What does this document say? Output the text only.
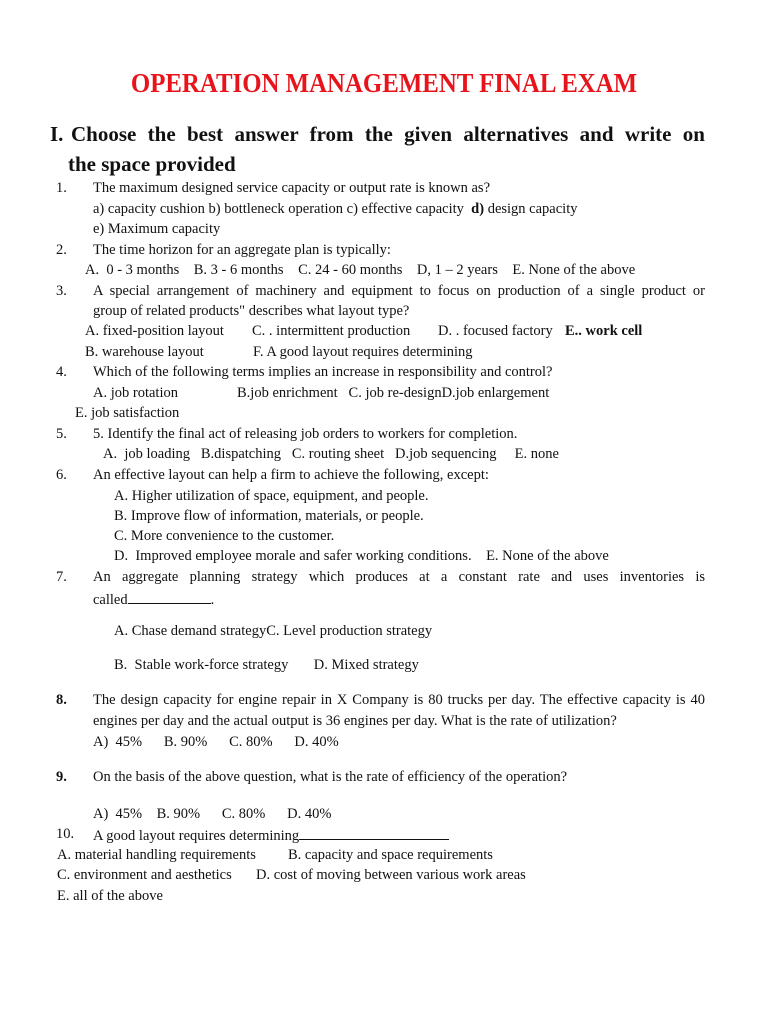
OPERATION MANAGEMENT FINAL EXAM
I. Choose the best answer from the given alternatives and write on
the space provided
1. The maximum designed service capacity or output rate is known as?
a) capacity cushion b) bottleneck operation c) effective capacity d) design capacity
e) Maximum capacity
2. The time horizon for an aggregate plan is typically:
A.  0 - 3 months    B. 3 - 6 months    C. 24 - 60 months    D, 1 – 2 years    E. None of the above
3. A special arrangement of machinery and equipment to focus on production of a single product or
group of related products" describes what layout type?
A. fixed-position layout C. . intermittent production D. . focused factory E.. work cell
B. warehouse layout	F. A good layout requires determining
4. Which of the following terms implies an increase in responsibility and control?
A. job rotation	B.job enrichment   C. job re-designD.job enlargement
E. job satisfaction
5. 5. Identify the final act of releasing job orders to workers for completion.
A.  job loading   B.dispatching   C. routing sheet   D.job sequencing     E. none
6. An effective layout can help a firm to achieve the following, except:
A. Higher utilization of space, equipment, and people.
B. Improve flow of information, materials, or people.
C. More convenience to the customer.
D.  Improved employee morale and safer working conditions.    E. None of the above
7. An aggregate planning strategy which produces at a constant rate and uses inventories is
called	.
A. Chase demand strategyC. Level production strategy
B.  Stable work-force strategy       D. Mixed strategy
8. The design capacity for engine repair in X Company is 80 trucks per day. The effective capacity is 40
engines per day and the actual output is 36 engines per day. What is the rate of utilization?
A)  45%      B. 90%      C. 80%      D. 40%
9. On the basis of the above question, what is the rate of efficiency of the operation?
A)  45%    B. 90%      C. 80%      D. 40%
10. A good layout requires determining
A. material handling requirements B. capacity and space requirements
C. environment and aesthetics D. cost of moving between various work areas
E. all of the above
